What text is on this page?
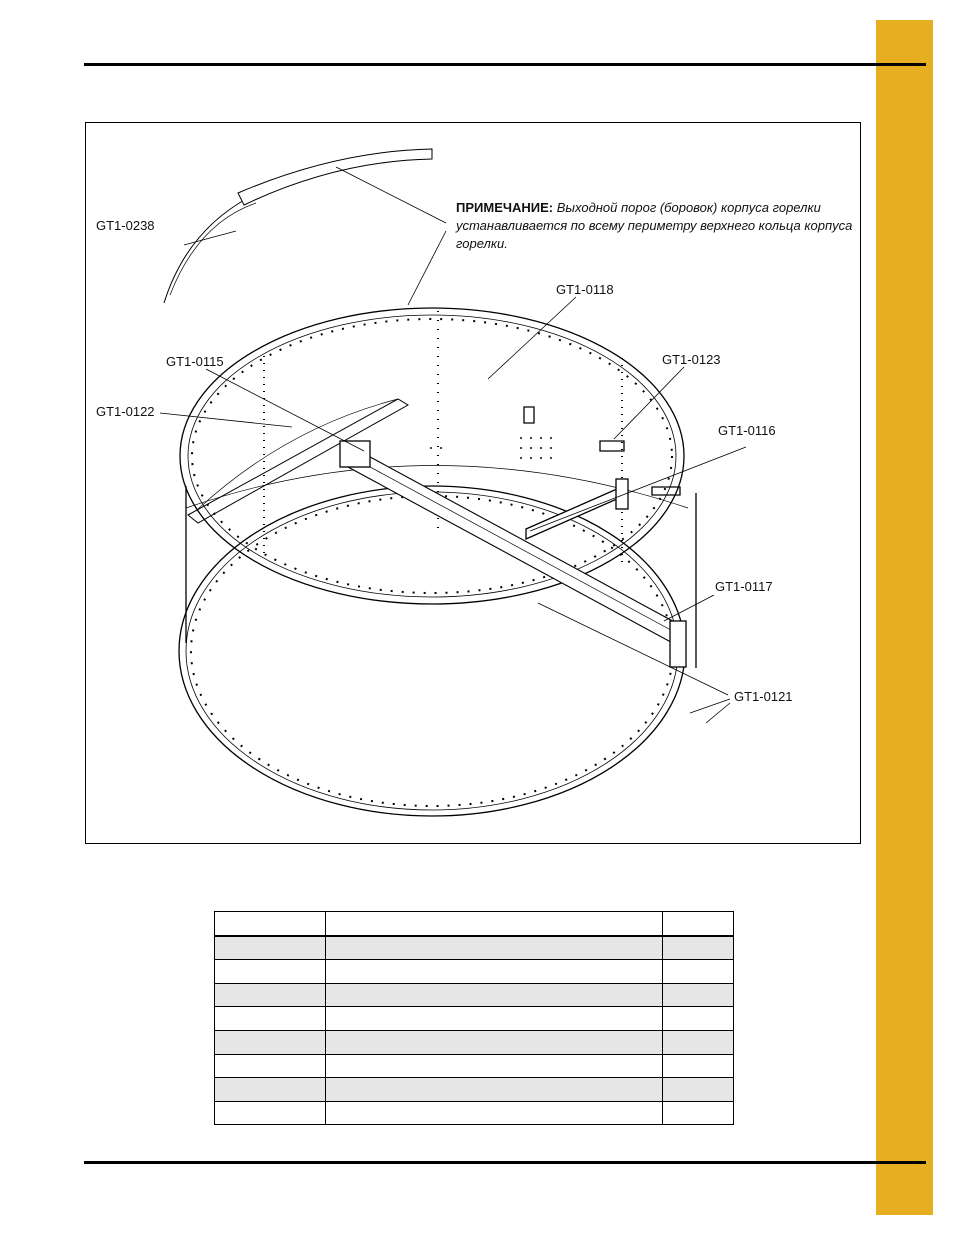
GT1-0238
GT1-0118
GT1-0115	GT1-0123
GT1-0122
GT1-0116
GT1-0117
GT1-0121
ПРИМЕЧАНИЕ: Выходной порог (боровок) корпуса горелки устанавливается по всему периметру верхнего кольца корпуса горелки.
